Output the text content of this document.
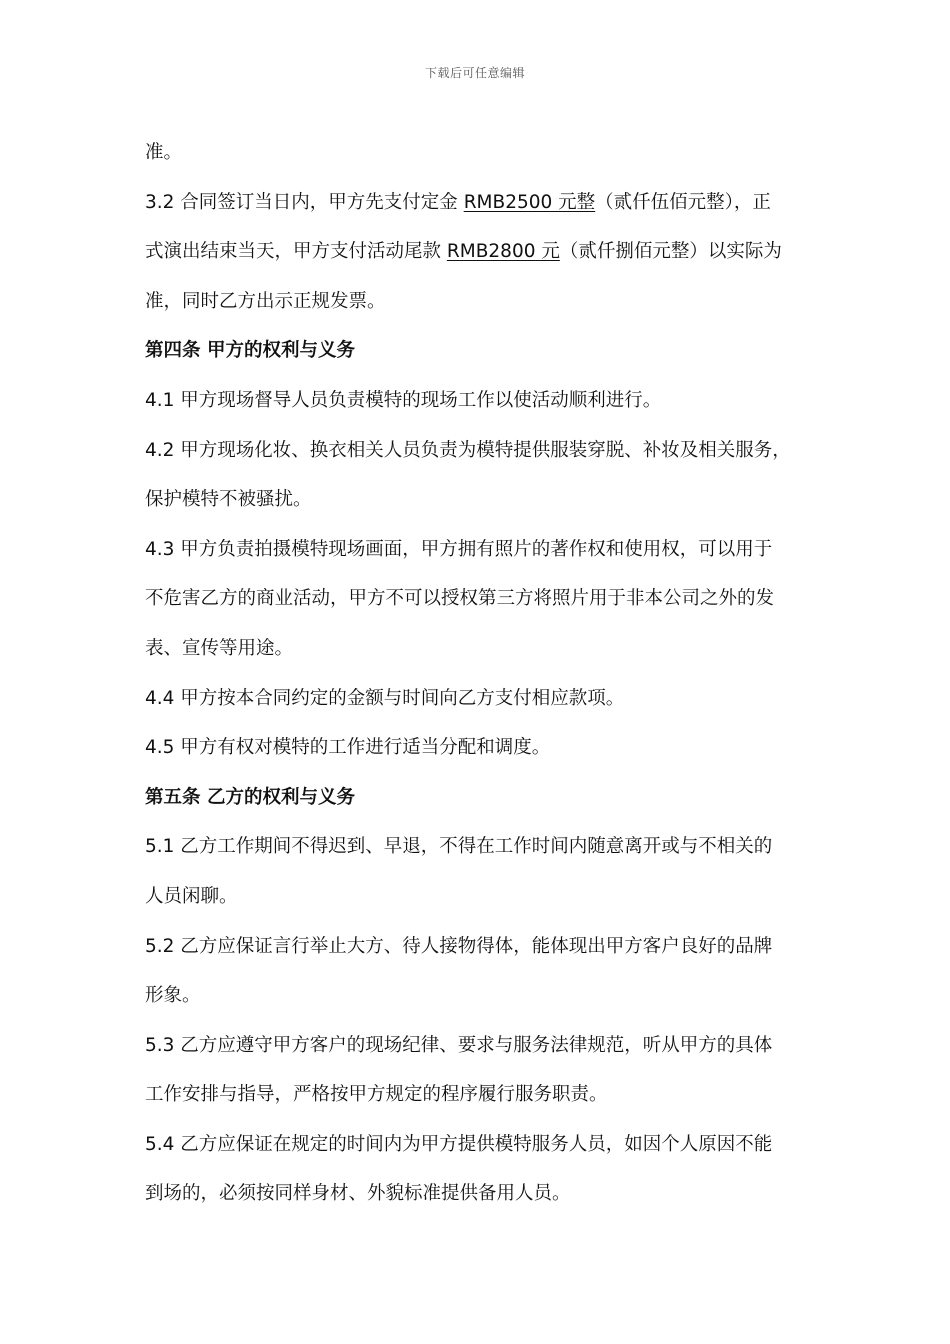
下载后可任意编辑
准。
3.2 合同签订当日内，甲方先支付定金 RMB2500 元整（贰仟伍佰元整），正
式演出结束当天，甲方支付活动尾款 RMB2800 元（贰仟捌佰元整）以实际为
准，同时乙方出示正规发票。
第四条 甲方的权利与义务
4.1 甲方现场督导人员负责模特的现场工作以使活动顺利进行。
4.2 甲方现场化妆、换衣相关人员负责为模特提供服装穿脱、补妆及相关服务，
保护模特不被骚扰。
4.3 甲方负责拍摄模特现场画面，甲方拥有照片的著作权和使用权，可以用于
不危害乙方的商业活动，甲方不可以授权第三方将照片用于非本公司之外的发
表、宣传等用途。
4.4 甲方按本合同约定的金额与时间向乙方支付相应款项。
4.5 甲方有权对模特的工作进行适当分配和调度。
第五条 乙方的权利与义务
5.1 乙方工作期间不得迟到、早退，不得在工作时间内随意离开或与不相关的
人员闲聊。
5.2 乙方应保证言行举止大方、待人接物得体，能体现出甲方客户良好的品牌
形象。
5.3 乙方应遵守甲方客户的现场纪律、要求与服务法律规范，听从甲方的具体
工作安排与指导，严格按甲方规定的程序履行服务职责。
5.4 乙方应保证在规定的时间内为甲方提供模特服务人员，如因个人原因不能
到场的，必须按同样身材、外貌标准提供备用人员。
